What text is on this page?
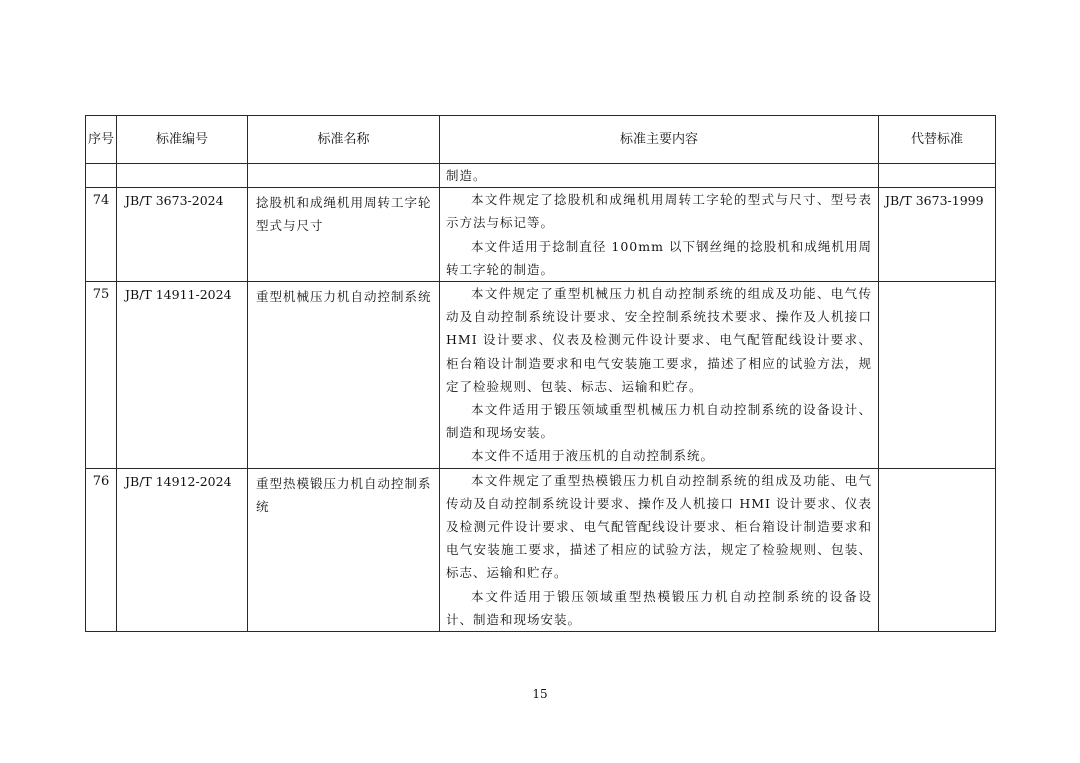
序号	标准编号	标准名称	标准主要内容	代替标准

			制造。	

74	JB/T 3673-2024	捻股机和成绳机用周转工字轮型式与尺寸	本文件规定了捻股机和成绳机用周转工字轮的型式与尺寸、型号表示方法与标记等。

本文件适用于捻制直径 100mm 以下钢丝绳的捻股机和成绳机用周转工字轮的制造。	JB/T 3673-1999
75	JB/T 14911-2024	重型机械压力机自动控制系统	本文件规定了重型机械压力机自动控制系统的组成及功能、电气传动及自动控制系统设计要求、安全控制系统技术要求、操作及人机接口 HMI 设计要求、仪表及检测元件设计要求、电气配管配线设计要求、柜台箱设计制造要求和电气安装施工要求，描述了相应的试验方法，规定了检验规则、包装、标志、运输和贮存。

本文件适用于锻压领域重型机械压力机自动控制系统的设备设计、制造和现场安装。

本文件不适用于液压机的自动控制系统。	

76	JB/T 14912-2024	重型热模锻压力机自动控制系统	本文件规定了重型热模锻压力机自动控制系统的组成及功能、电气传动及自动控制系统设计要求、操作及人机接口 HMI 设计要求、仪表及检测元件设计要求、电气配管配线设计要求、柜台箱设计制造要求和电气安装施工要求，描述了相应的试验方法，规定了检验规则、包装、标志、运输和贮存。

本文件适用于锻压领域重型热模锻压力机自动控制系统的设备设计、制造和现场安装。	

15
